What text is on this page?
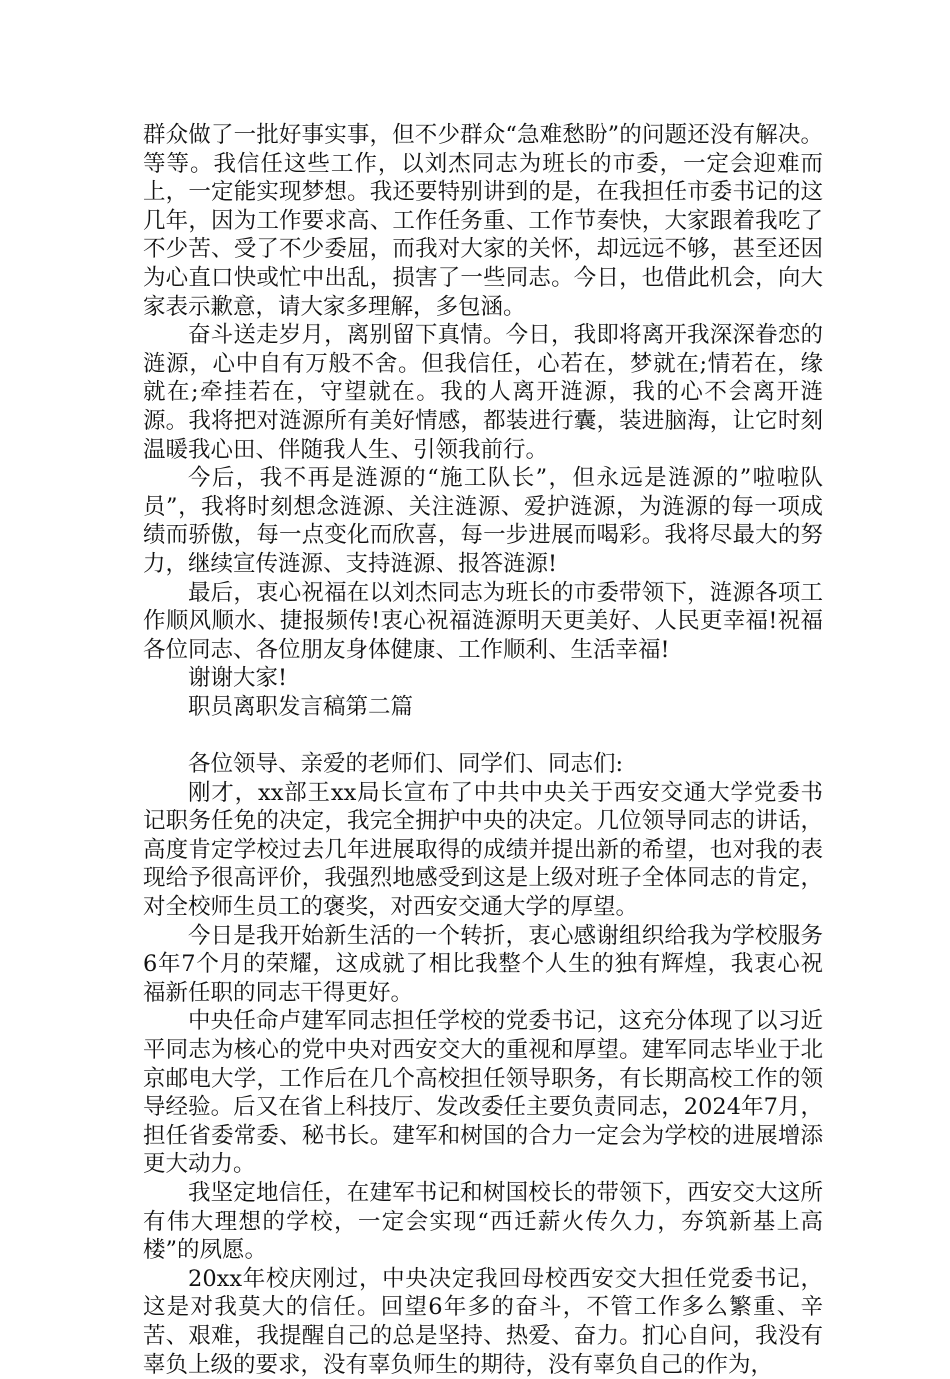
群众做了一批好事实事，但不少群众“急难愁盼”的问题还没有解决。等等。我信任这些工作，以刘杰同志为班长的市委，一定会迎难而上，一定能实现梦想。我还要特别讲到的是，在我担任市委书记的这几年，因为工作要求高、工作任务重、工作节奏快，大家跟着我吃了不少苦、受了不少委屈，而我对大家的关怀，却远远不够，甚至还因为心直口快或忙中出乱，损害了一些同志。今日，也借此机会，向大家表示歉意，请大家多理解，多包涵。

奋斗送走岁月，离别留下真情。今日，我即将离开我深深眷恋的涟源，心中自有万般不舍。但我信任，心若在，梦就在;情若在，缘就在;牵挂若在，守望就在。我的人离开涟源，我的心不会离开涟源。我将把对涟源所有美好情感，都装进行囊，装进脑海，让它时刻温暖我心田、伴随我人生、引领我前行。

今后，我不再是涟源的“施工队长”，但永远是涟源的”啦啦队员”，我将时刻想念涟源、关注涟源、爱护涟源，为涟源的每一项成绩而骄傲，每一点变化而欣喜，每一步进展而喝彩。我将尽最大的努力，继续宣传涟源、支持涟源、报答涟源!

最后，衷心祝福在以刘杰同志为班长的市委带领下，涟源各项工作顺风顺水、捷报频传!衷心祝福涟源明天更美好、人民更幸福!祝福各位同志、各位朋友身体健康、工作顺利、生活幸福!

谢谢大家!

职员离职发言稿第二篇

各位领导、亲爱的老师们、同学们、同志们:

刚才，xx部王xx局长宣布了中共中央关于西安交通大学党委书记职务任免的决定，我完全拥护中央的决定。几位领导同志的讲话，高度肯定学校过去几年进展取得的成绩并提出新的希望，也对我的表现给予很高评价，我强烈地感受到这是上级对班子全体同志的肯定，对全校师生员工的褒奖，对西安交通大学的厚望。

今日是我开始新生活的一个转折，衷心感谢组织给我为学校服务6年7个月的荣耀，这成就了相比我整个人生的独有辉煌，我衷心祝福新任职的同志干得更好。

中央任命卢建军同志担任学校的党委书记，这充分体现了以习近平同志为核心的党中央对西安交大的重视和厚望。建军同志毕业于北京邮电大学，工作后在几个高校担任领导职务，有长期高校工作的领导经验。后又在省上科技厅、发改委任主要负责同志，2024年7月，担任省委常委、秘书长。建军和树国的合力一定会为学校的进展增添更大动力。

我坚定地信任，在建军书记和树国校长的带领下，西安交大这所有伟大理想的学校，一定会实现“西迁薪火传久力，夯筑新基上高楼”的夙愿。

20xx年校庆刚过，中央决定我回母校西安交大担任党委书记，这是对我莫大的信任。回望6年多的奋斗，不管工作多么繁重、辛苦、艰难，我提醒自己的总是坚持、热爱、奋力。扪心自问，我没有辜负上级的要求，没有辜负师生的期待，没有辜负自己的作为，
